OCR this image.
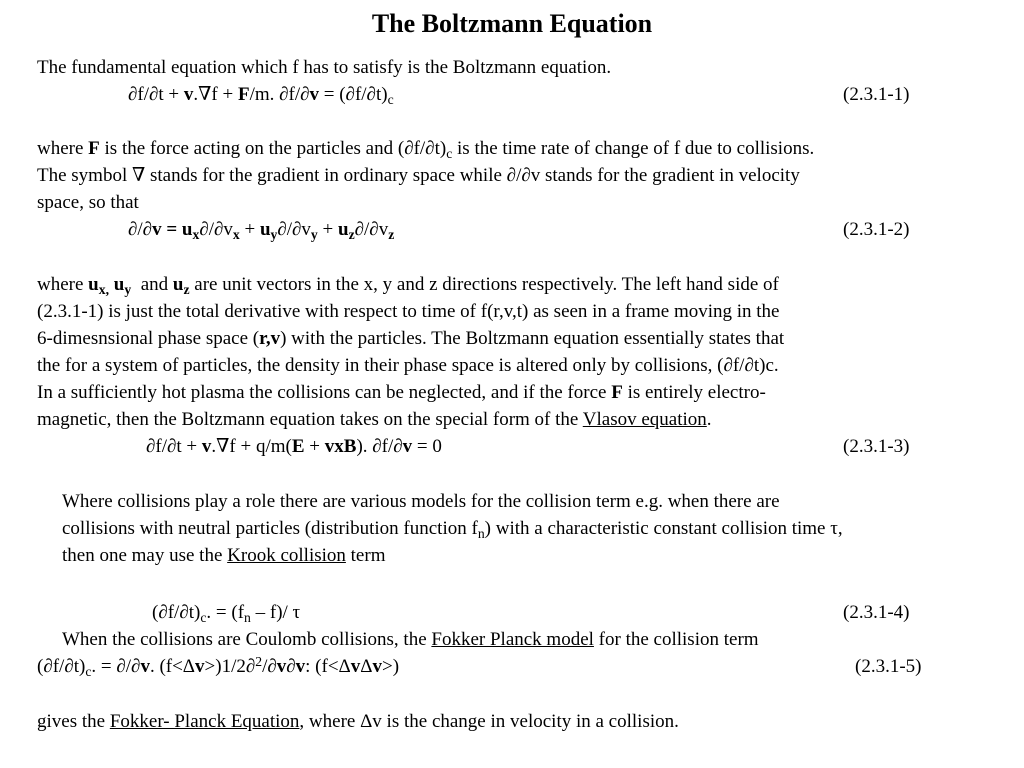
The Boltzmann Equation
The fundamental equation which f has to satisfy is the Boltzmann equation.
∂f/∂t + v.∇f + F/m. $\partial f/\partial v = (\partial f/\partial t)_c$	(2.3.1-1)
where F is the force acting on the particles and $(\partial f/\partial t)_c$ is the time rate of change of f due to collisions.
The symbol ∇ stands for the gradient in ordinary space while ∂/∂v stands for the gradient in velocity
space, so that
$\partial/\partial v = u_x\partial/\partial v_x + u_y\partial/\partial v_y + u_z\partial/\partial v_z$	(2.3.1-2)
where $u_{x,}$ $u_y$  and $u_z$ are unit vectors in the x, y and z directions respectively. The left hand side of
(2.3.1-1) is just the total derivative with respect to time of f(r,v,t) as seen in a frame moving in the
6-dimesnsional phase space (r,v) with the particles. The Boltzmann equation essentially states that
the for a system of particles, the density in their phase space is altered only by collisions, (∂f/∂t)c.
In a sufficiently hot plasma the collisions can be neglected, and if the force F is entirely electro-
magnetic, then the Boltzmann equation takes on the special form of the Vlasov equation.
∂f/∂t + v.∇f + q/m(E + vxB). ∂f/∂v = 0	(2.3.1-3)
Where collisions play a role there are various models for the collision term e.g. when there are
collisions with neutral particles (distribution function $f_n$) with a characteristic constant collision time τ,
then one may use the Krook collision term
$(\partial f/\partial t)_c$. = $(f_n - f)/$ τ	(2.3.1-4)
When the collisions are Coulomb collisions, the Fokker Planck model for the collision term
$(\partial f/\partial t)_c$. = ∂/∂v. (f<Δv>)1/2∂$^2$/∂v∂v: (f<ΔvΔv>)	(2.3.1-5)
gives the Fokker- Planck Equation, where Δv is the change in velocity in a collision.
